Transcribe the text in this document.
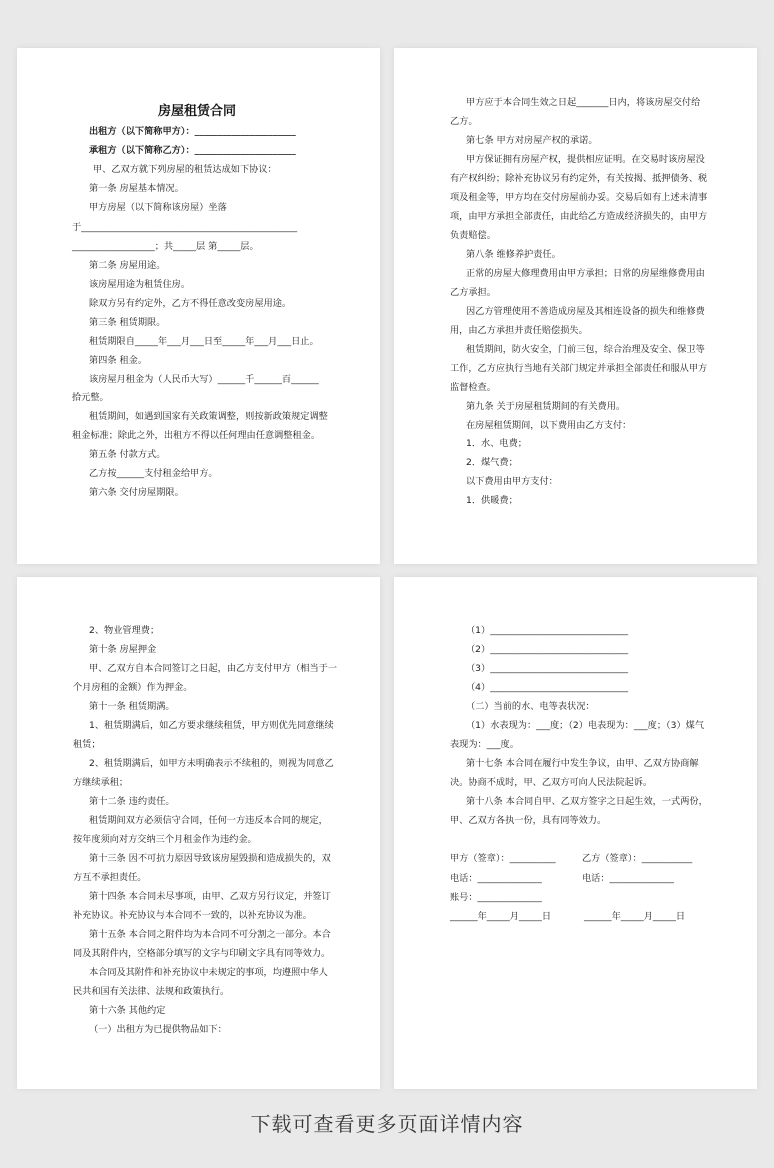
房屋租赁合同
出租方（以下简称甲方）：______________________
承租方（以下简称乙方）：______________________
甲、乙双方就下列房屋的租赁达成如下协议：
第一条 房屋基本情况。
甲方房屋（以下简称该房屋）坐落
于_______________________________________________
__________________；共_____层 第_____层。
第二条 房屋用途。
该房屋用途为租赁住房。
除双方另有约定外，乙方不得任意改变房屋用途。
第三条 租赁期限。
租赁期限自_____年___月___日至_____年___月___日止。
第四条 租金。
该房屋月租金为（人民币大写）______千______百______
拾元整。
租赁期间，如遇到国家有关政策调整，则按新政策规定调整
租金标准；除此之外，出租方不得以任何理由任意调整租金。
第五条 付款方式。
乙方按______支付租金给甲方。
第六条 交付房屋期限。
甲方应于本合同生效之日起_______日内，将该房屋交付给
乙方。
第七条 甲方对房屋产权的承诺。
甲方保证拥有房屋产权，提供相应证明。在交易时该房屋没
有产权纠纷；除补充协议另有约定外，有关按揭、抵押债务、税
项及租金等，甲方均在交付房屋前办妥。交易后如有上述未清事
项，由甲方承担全部责任，由此给乙方造成经济损失的，由甲方
负责赔偿。
第八条 维修养护责任。
正常的房屋大修理费用由甲方承担；日常的房屋维修费用由
乙方承担。
因乙方管理使用不善造成房屋及其相连设备的损失和维修费
用，由乙方承担并责任赔偿损失。
租赁期间，防火安全，门前三包，综合治理及安全、保卫等
工作，乙方应执行当地有关部门规定并承担全部责任和服从甲方
监督检查。
第九条 关于房屋租赁期间的有关费用。
在房屋租赁期间，以下费用由乙方支付：
1．水、电费；
2．煤气费；
以下费用由甲方支付：
1．供暖费；
2、物业管理费；
第十条 房屋押金
甲、乙双方自本合同签订之日起，由乙方支付甲方（相当于一
个月房租的金额）作为押金。
第十一条 租赁期满。
1、租赁期满后，如乙方要求继续租赁，甲方则优先同意继续
租赁；
2、租赁期满后，如甲方未明确表示不续租的，则视为同意乙
方继续承租；
第十二条 违约责任。
租赁期间双方必须信守合同，任何一方违反本合同的规定，
按年度须向对方交纳三个月租金作为违约金。
第十三条 因不可抗力原因导致该房屋毁损和造成损失的，双
方互不承担责任。
第十四条 本合同未尽事项，由甲、乙双方另行议定，并签订
补充协议。补充协议与本合同不一致的，以补充协议为准。
第十五条 本合同之附件均为本合同不可分割之一部分。本合
同及其附件内，空格部分填写的文字与印刷文字具有同等效力。
本合同及其附件和补充协议中未规定的事项，均遵照中华人
民共和国有关法律、法规和政策执行。
第十六条 其他约定
（一）出租方为已提供物品如下：
（1）______________________________
（2）______________________________
（3）______________________________
（4）______________________________
（二）当前的水、电等表状况：
（1）水表现为：___度；（2）电表现为：___度；（3）煤气
表现为：___度。
第十七条 本合同在履行中发生争议，由甲、乙双方协商解
决。协商不成时，甲、乙双方可向人民法院起诉。
第十八条 本合同自甲、乙双方签字之日起生效，一式两份，
甲、乙双方各执一份，具有同等效力。
甲方（签章）：__________	乙方（签章）：___________
电话：______________	电话：______________
账号：______________
______年_____月_____日	______年_____月_____日
下载可查看更多页面详情内容
